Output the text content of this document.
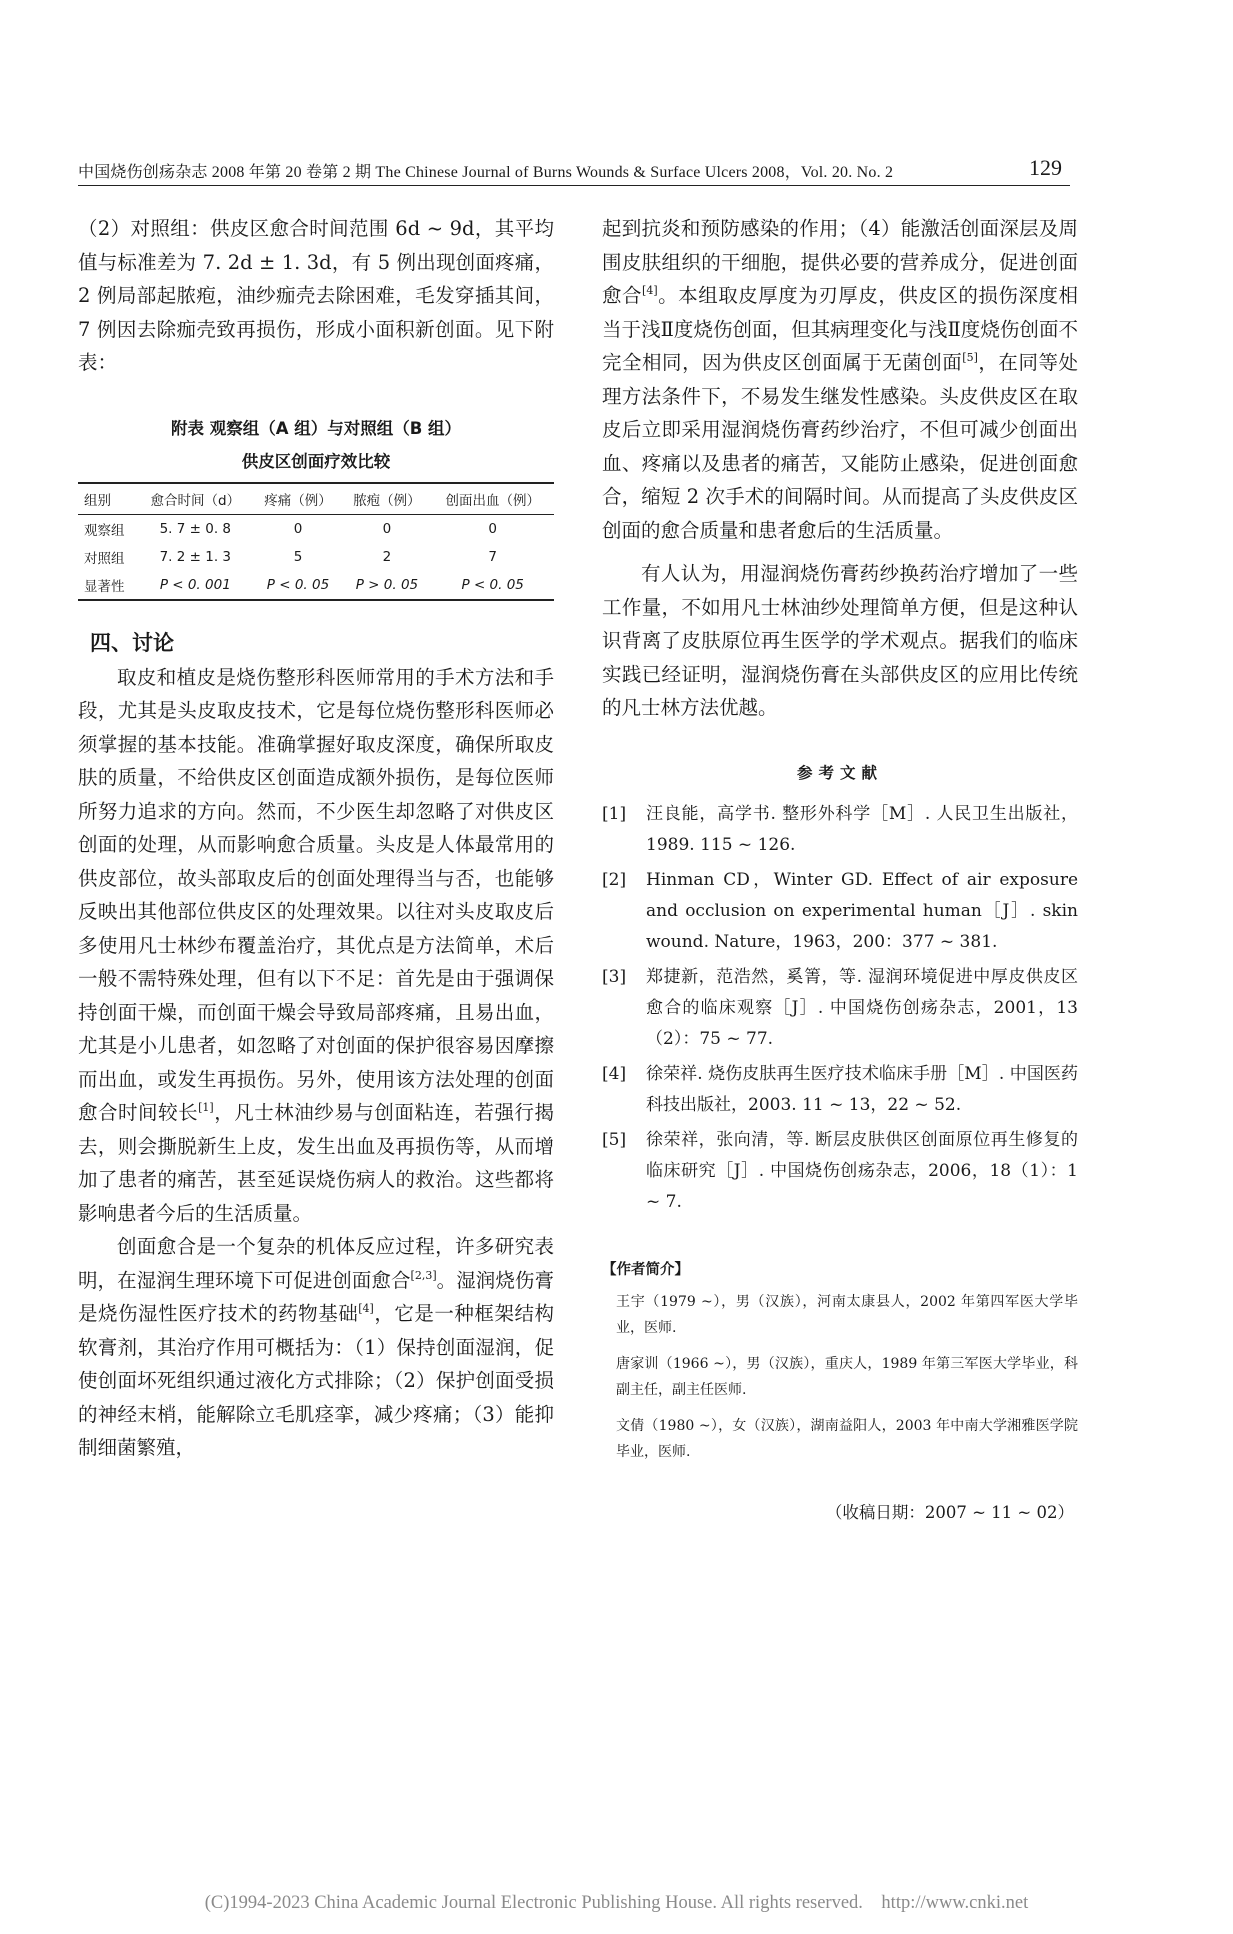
中国烧伤创疡杂志 2008 年第 20 卷第 2 期 The Chinese Journal of Burns Wounds & Surface Ulcers 2008，Vol. 20. No. 2	129

（2）对照组：供皮区愈合时间范围 6d ~ 9d，其平均值与标准差为 7. 2d ± 1. 3d，有 5 例出现创面疼痛，2 例局部起脓疱，油纱痂壳去除困难，毛发穿插其间，7 例因去除痂壳致再损伤，形成小面积新创面。见下附表：

附表 观察组（A 组）与对照组（B 组）
供皮区创面疗效比较
组别	愈合时间（d）	疼痛（例）	脓疱（例）	创面出血（例）
观察组	5. 7 ± 0. 8	0	0	0
对照组	7. 2 ± 1. 3	5	2	7
显著性	P < 0. 001	P < 0. 05	P > 0. 05	P < 0. 05
四、讨论

取皮和植皮是烧伤整形科医师常用的手术方法和手段，尤其是头皮取皮技术，它是每位烧伤整形科医师必须掌握的基本技能。准确掌握好取皮深度，确保所取皮肤的质量，不给供皮区创面造成额外损伤，是每位医师所努力追求的方向。然而，不少医生却忽略了对供皮区创面的处理，从而影响愈合质量。头皮是人体最常用的供皮部位，故头部取皮后的创面处理得当与否，也能够反映出其他部位供皮区的处理效果。以往对头皮取皮后多使用凡士林纱布覆盖治疗，其优点是方法简单，术后一般不需特殊处理，但有以下不足：首先是由于强调保持创面干燥，而创面干燥会导致局部疼痛，且易出血，尤其是小儿患者，如忽略了对创面的保护很容易因摩擦而出血，或发生再损伤。另外，使用该方法处理的创面愈合时间较长[1]，凡士林油纱易与创面粘连，若强行揭去，则会撕脱新生上皮，发生出血及再损伤等，从而增加了患者的痛苦，甚至延误烧伤病人的救治。这些都将影响患者今后的生活质量。

创面愈合是一个复杂的机体反应过程，许多研究表明，在湿润生理环境下可促进创面愈合[2,3]。湿润烧伤膏是烧伤湿性医疗技术的药物基础[4]，它是一种框架结构软膏剂，其治疗作用可概括为：（1）保持创面湿润，促使创面坏死组织通过液化方式排除；（2）保护创面受损的神经末梢，能解除立毛肌痉挛，减少疼痛；（3）能抑制细菌繁殖，

起到抗炎和预防感染的作用；（4）能激活创面深层及周围皮肤组织的干细胞，提供必要的营养成分，促进创面愈合[4]。本组取皮厚度为刃厚皮，供皮区的损伤深度相当于浅Ⅱ度烧伤创面，但其病理变化与浅Ⅱ度烧伤创面不完全相同，因为供皮区创面属于无菌创面[5]，在同等处理方法条件下，不易发生继发性感染。头皮供皮区在取皮后立即采用湿润烧伤膏药纱治疗，不但可减少创面出血、疼痛以及患者的痛苦，又能防止感染，促进创面愈合，缩短 2 次手术的间隔时间。从而提高了头皮供皮区创面的愈合质量和患者愈后的生活质量。

有人认为，用湿润烧伤膏药纱换药治疗增加了一些工作量，不如用凡士林油纱处理简单方便，但是这种认识背离了皮肤原位再生医学的学术观点。据我们的临床实践已经证明，湿润烧伤膏在头部供皮区的应用比传统的凡士林方法优越。

参考文献
[1] 汪良能，高学书. 整形外科学［M］. 人民卫生出版社，1989. 115 ~ 126.
[2] Hinman CD，Winter GD. Effect of air exposure and occlusion on experimental human［J］. skin wound. Nature，1963，200：377 ~ 381.
[3] 郑捷新，范浩然，奚箐，等. 湿润环境促进中厚皮供皮区愈合的临床观察［J］. 中国烧伤创疡杂志，2001，13（2）：75 ~ 77.
[4] 徐荣祥. 烧伤皮肤再生医疗技术临床手册［M］. 中国医药科技出版社，2003. 11 ~ 13，22 ~ 52.
[5] 徐荣祥，张向清，等. 断层皮肤供区创面原位再生修复的临床研究［J］. 中国烧伤创疡杂志，2006，18（1）：1 ~ 7.
【作者简介】
王宇（1979 ~），男（汉族），河南太康县人，2002 年第四军医大学毕业，医师.
唐家训（1966 ~），男（汉族），重庆人，1989 年第三军医大学毕业，科副主任，副主任医师.
文倩（1980 ~），女（汉族），湖南益阳人，2003 年中南大学湘雅医学院毕业，医师.
（收稿日期：2007 ~ 11 ~ 02）
(C)1994-2023 China Academic Journal Electronic Publishing House. All rights reserved.    http://www.cnki.net
